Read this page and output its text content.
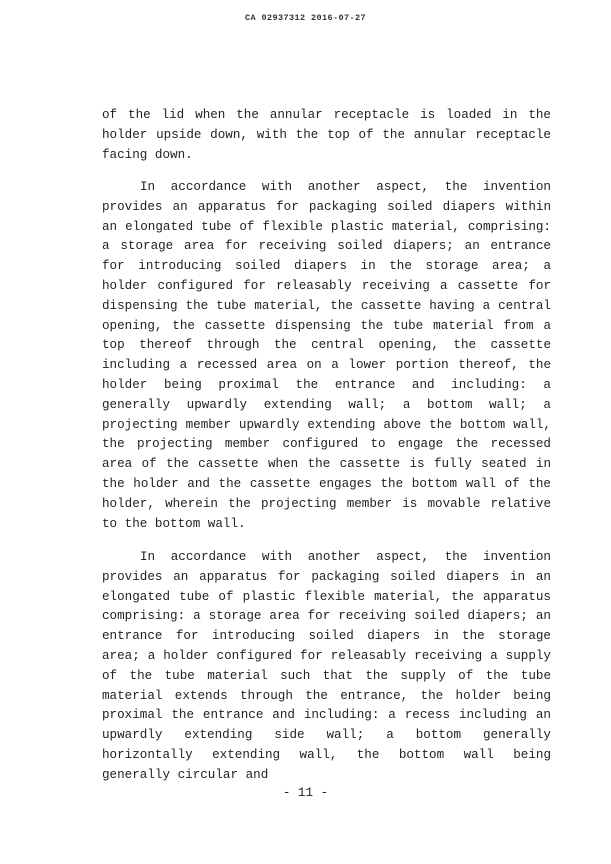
CA 02937312 2016-07-27

of the lid when the annular receptacle is loaded in the holder upside down, with the top of the annular receptacle facing down.

In accordance with another aspect, the invention provides an apparatus for packaging soiled diapers within an elongated tube of flexible plastic material, comprising: a storage area for receiving soiled diapers; an entrance for introducing soiled diapers in the storage area; a holder configured for releasably receiving a cassette for dispensing the tube material, the cassette having a central opening, the cassette dispensing the tube material from a top thereof through the central opening, the cassette including a recessed area on a lower portion thereof, the holder being proximal the entrance and including: a generally upwardly extending wall; a bottom wall; a projecting member upwardly extending above the bottom wall, the projecting member configured to engage the recessed area of the cassette when the cassette is fully seated in the holder and the cassette engages the bottom wall of the holder, wherein the projecting member is movable relative to the bottom wall.

In accordance with another aspect, the invention provides an apparatus for packaging soiled diapers in an elongated tube of plastic flexible material, the apparatus comprising: a storage area for receiving soiled diapers; an entrance for introducing soiled diapers in the storage area; a holder configured for releasably receiving a supply of the tube material such that the supply of the tube material extends through the entrance, the holder being proximal the entrance and including: a recess including an upwardly extending side wall; a bottom generally horizontally extending wall, the bottom wall being generally circular and

- 11 -
